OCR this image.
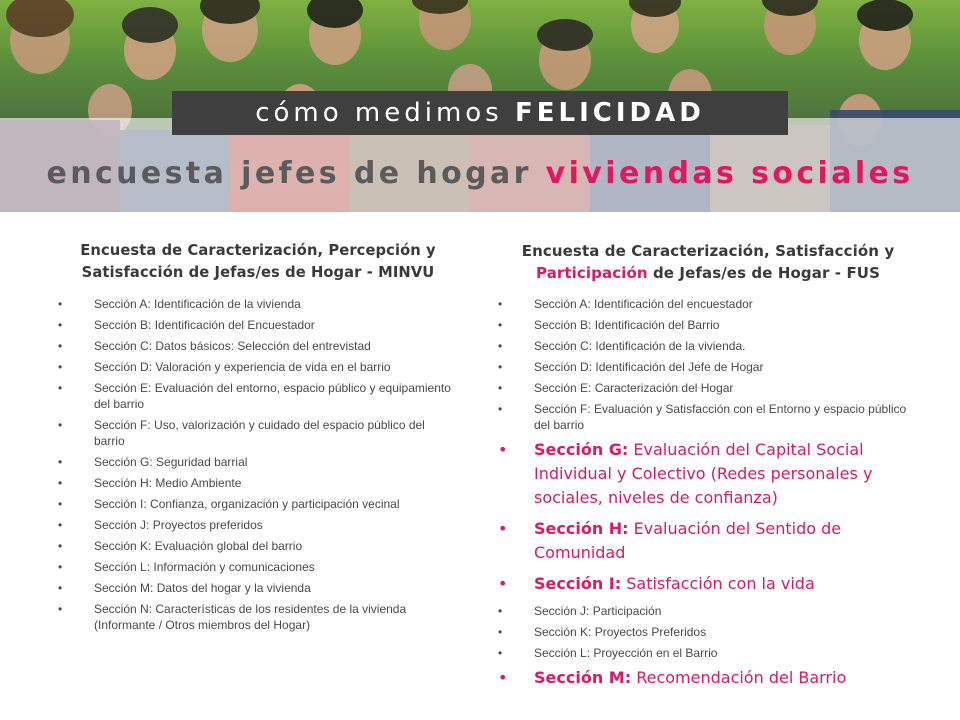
cómo medimos FELICIDAD
encuesta jefes de hogar viviendas sociales
Encuesta de Caracterización, Percepción y Satisfacción de Jefas/es de Hogar - MINVU
• Sección A: Identificación de la vivienda
• Sección B: Identificación del Encuestador
• Sección C: Datos básicos: Selección del entrevistad
• Sección D: Valoración y experiencia de vida en el barrio
• Sección E: Evaluación del entorno, espacio público y equipamiento del barrio
• Sección F: Uso, valorización y cuidado del espacio público del barrio
• Sección G: Seguridad barrial
• Sección H: Medio Ambiente
• Sección I: Confianza, organización y participación vecinal
• Sección J: Proyectos preferidos
• Sección K: Evaluación global del barrio
• Sección L: Información y comunicaciones
• Sección M: Datos del hogar y la vivienda
• Sección N: Características de los residentes de la vivienda (Informante / Otros miembros del Hogar)
Encuesta de Caracterización, Satisfacción y
Participación de Jefas/es de Hogar - FUS
• Sección A: Identificación del encuestador
• Sección B: Identificación del Barrio
• Sección C: Identificación de la vivienda.
• Sección D: Identificación del Jefe de Hogar
• Sección E: Caracterización del Hogar
• Sección F: Evaluación y Satisfacción con el Entorno y espacio público del barrio
• Sección G: Evaluación del Capital Social Individual y Colectivo (Redes personales y sociales, niveles de confianza)
• Sección H: Evaluación del Sentido de Comunidad
• Sección I: Satisfacción con la vida
• Sección J: Participación
• Sección K: Proyectos Preferidos
• Sección L: Proyección en el Barrio
• Sección M: Recomendación del Barrio
